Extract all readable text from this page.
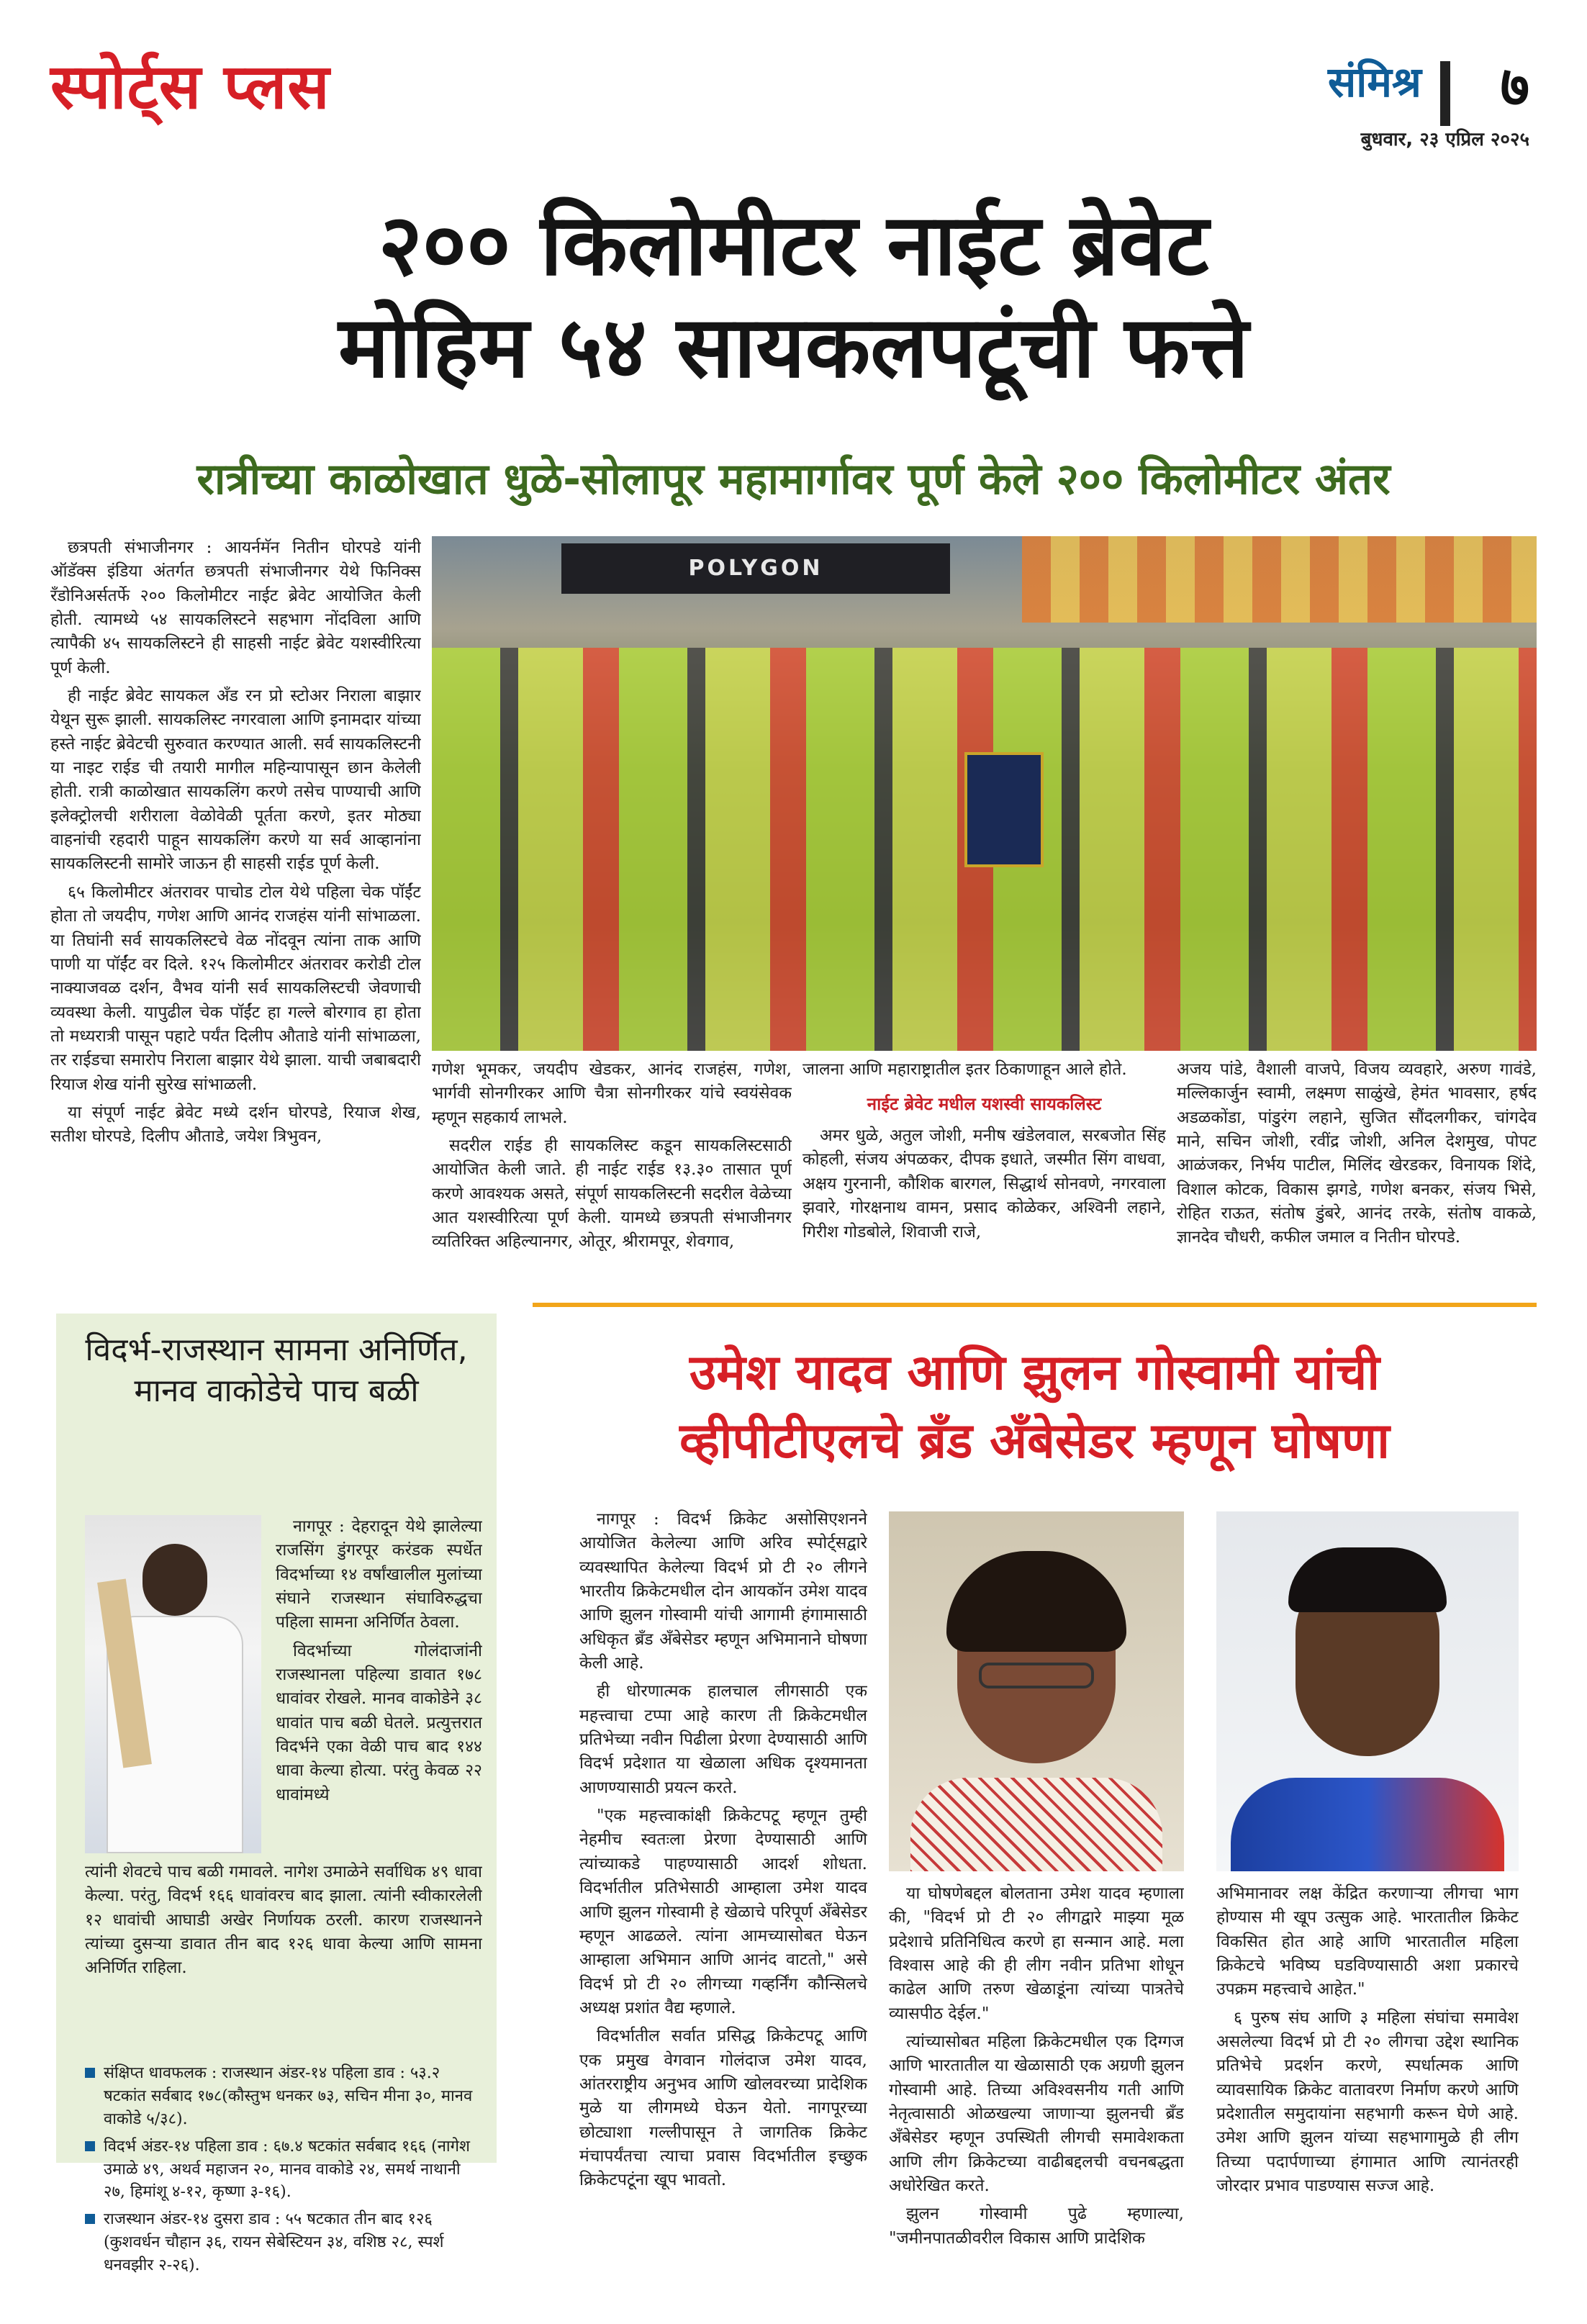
स्पोर्ट्स प्लस	संमिश्र ७
बुधवार, २३ एप्रिल २०२५
२०० किलोमीटर नाईट ब्रेवेट
मोहिम ५४ सायकलपटूंची फत्ते
रात्रीच्या काळोखात धुळे-सोलापूर महामार्गावर पूर्ण केले २०० किलोमीटर अंतर

छत्रपती संभाजीनगर : आयर्नमॅन नितीन घोरपडे यांनी ऑडॅक्स इंडिया अंतर्गत छत्रपती संभाजीनगर येथे फिनिक्स रॅंडोनिअर्सतर्फे २०० किलोमीटर नाईट ब्रेवेट आयोजित केली होती. त्यामध्ये ५४ सायकलिस्टने सहभाग नोंदविला आणि त्यापैकी ४५ सायकलिस्टने ही साहसी नाईट ब्रेवेट यशस्वीरित्या पूर्ण केली.

ही नाईट ब्रेवेट सायकल अँड रन प्रो स्टोअर निराला बाझार येथून सुरू झाली. सायकलिस्ट नगरवाला आणि इनामदार यांच्या हस्ते नाईट ब्रेवेटची सुरुवात करण्यात आली. सर्व सायकलिस्टनी या नाइट राईड ची तयारी मागील महिन्यापासून छान केलेली होती. रात्री काळोखात सायकलिंग करणे तसेच पाण्याची आणि इलेक्ट्रोलची शरीराला वेळोवेळी पूर्तता करणे, इतर मोठ्या वाहनांची रहदारी पाहून सायकलिंग करणे या सर्व आव्हानांना सायकलिस्टनी सामोरे जाऊन ही साहसी राईड पूर्ण केली.

६५ किलोमीटर अंतरावर पाचोड टोल येथे पहिला चेक पॉईंट होता तो जयदीप, गणेश आणि आनंद राजहंस यांनी सांभाळला. या तिघांनी सर्व सायकलिस्टचे वेळ नोंदवून त्यांना ताक आणि पाणी या पॉईंट वर दिले. १२५ किलोमीटर अंतरावर करोडी टोल नाक्याजवळ दर्शन, वैभव यांनी सर्व सायकलिस्टची जेवणाची व्यवस्था केली. यापुढील चेक पॉईंट हा गल्ले बोरगाव हा होता तो मध्यरात्री पासून पहाटे पर्यंत दिलीप औताडे यांनी सांभाळला, तर राईडचा समारोप निराला बाझार येथे झाला. याची जबाबदारी रियाज शेख यांनी सुरेख सांभाळली.

या संपूर्ण नाईट ब्रेवेट मध्ये दर्शन घोरपडे, रियाज शेख, सतीश घोरपडे, दिलीप औताडे, जयेश त्रिभुवन,

POLYGON

गणेश भूमकर, जयदीप खेडकर, आनंद राजहंस, गणेश, भार्गवी सोनगीरकर आणि चैत्रा सोनगीरकर यांचे स्वयंसेवक म्हणून सहकार्य लाभले.

सदरील राईड ही सायकलिस्ट कडून सायकलिस्टसाठी आयोजित केली जाते. ही नाईट राईड १३.३० तासात पूर्ण करणे आवश्यक असते, संपूर्ण सायकलिस्टनी सदरील वेळेच्या आत यशस्वीरित्या पूर्ण केली. यामध्ये छत्रपती संभाजीनगर व्यतिरिक्त अहिल्यानगर, ओतूर, श्रीरामपूर, शेवगाव,

जालना आणि महाराष्ट्रातील इतर ठिकाणाहून आले होते.

नाईट ब्रेवेट मधील यशस्वी सायकलिस्ट

अमर धुळे, अतुल जोशी, मनीष खंडेलवाल, सरबजोत सिंह कोहली, संजय अंपळकर, दीपक इधाते, जस्मीत सिंग वाधवा, अक्षय गुरनानी, कौशिक बारगल, सिद्धार्थ सोनवणे, नगरवाला झवारे, गोरक्षनाथ वामन, प्रसाद कोळेकर, अश्विनी लहाने, गिरीश गोडबोले, शिवाजी राजे,

अजय पांडे, वैशाली वाजपे, विजय व्यवहारे, अरुण गावंडे, मल्लिकार्जुन स्वामी, लक्ष्मण साळुंखे, हेमंत भावसार, हर्षद अडळकोंडा, पांडुरंग लहाने, सुजित सौंदलगीकर, चांगदेव माने, सचिन जोशी, रवींद्र जोशी, अनिल देशमुख, पोपट आळंजकर, निर्भय पाटील, मिलिंद खेरडकर, विनायक शिंदे, विशाल कोटक, विकास झगडे, गणेश बनकर, संजय भिसे, रोहित राऊत, संतोष डुंबरे, आनंद तरके, संतोष वाकळे, ज्ञानदेव चौधरी, कफील जमाल व नितीन घोरपडे.

विदर्भ-राजस्थान सामना अनिर्णित, मानव वाकोडेचे पाच बळी

नागपूर : देहरादून येथे झालेल्या राजसिंग डुंगरपूर करंडक स्पर्धेत विदर्भाच्या १४ वर्षांखालील मुलांच्या संघाने राजस्थान संघाविरुद्धचा पहिला सामना अनिर्णित ठेवला.

विदर्भाच्या गोलंदाजांनी राजस्थानला पहिल्या डावात १७८ धावांवर रोखले. मानव वाकोडेने ३८ धावांत पाच बळी घेतले. प्रत्युत्तरात विदर्भने एका वेळी पाच बाद १४४ धावा केल्या होत्या. परंतु केवळ २२ धावांमध्ये

त्यांनी शेवटचे पाच बळी गमावले. नागेश उमाळेने सर्वाधिक ४९ धावा केल्या. परंतु, विदर्भ १६६ धावांवरच बाद झाला. त्यांनी स्वीकारलेली १२ धावांची आघाडी अखेर निर्णायक ठरली. कारण राजस्थानने त्यांच्या दुसऱ्या डावात तीन बाद १२६ धावा केल्या आणि सामना अनिर्णित राहिला.

संक्षिप्त धावफलक : राजस्थान अंडर-१४ पहिला डाव : ५३.२ षटकांत सर्वबाद १७८(कौस्तुभ धनकर ७३, सचिन मीना ३०, मानव वाकोडे ५/३८).
विदर्भ अंडर-१४ पहिला डाव : ६७.४ षटकांत सर्वबाद १६६ (नागेश उमाळे ४९, अथर्व महाजन २०, मानव वाकोडे २४, समर्थ नाथानी २७, हिमांशू ४-१२, कृष्णा ३-१६).
राजस्थान अंडर-१४ दुसरा डाव : ५५ षटकात तीन बाद १२६ (कुशवर्धन चौहान ३६, रायन सेबेस्टियन ३४, वशिष्ठ २८, स्पर्श धनवझीर २-२६).
उमेश यादव आणि झुलन गोस्वामी यांची
व्हीपीटीएलचे ब्रँड अँबेसेडर म्हणून घोषणा

नागपूर : विदर्भ क्रिकेट असोसिएशनने आयोजित केलेल्या आणि अरिव स्पोर्ट्सद्वारे व्यवस्थापित केलेल्या विदर्भ प्रो टी २० लीगने भारतीय क्रिकेटमधील दोन आयकॉन उमेश यादव आणि झुलन गोस्वामी यांची आगामी हंगामासाठी अधिकृत ब्रँड अँबेसेडर म्हणून अभिमानाने घोषणा केली आहे.

ही धोरणात्मक हालचाल लीगसाठी एक महत्त्वाचा टप्पा आहे कारण ती क्रिकेटमधील प्रतिभेच्या नवीन पिढीला प्रेरणा देण्यासाठी आणि विदर्भ प्रदेशात या खेळाला अधिक दृश्यमानता आणण्यासाठी प्रयत्न करते.

"एक महत्त्वाकांक्षी क्रिकेटपटू म्हणून तुम्ही नेहमीच स्वतःला प्रेरणा देण्यासाठी आणि त्यांच्याकडे पाहण्यासाठी आदर्श शोधता. विदर्भातील प्रतिभेसाठी आम्हाला उमेश यादव आणि झुलन गोस्वामी हे खेळाचे परिपूर्ण अँबेसेडर म्हणून आढळले. त्यांना आमच्यासोबत घेऊन आम्हाला अभिमान आणि आनंद वाटतो," असे विदर्भ प्रो टी २० लीगच्या गव्हर्निंग कौन्सिलचे अध्यक्ष प्रशांत वैद्य म्हणाले.

विदर्भातील सर्वात प्रसिद्ध क्रिकेटपटू आणि एक प्रमुख वेगवान गोलंदाज उमेश यादव, आंतरराष्ट्रीय अनुभव आणि खोलवरच्या प्रादेशिक मुळे या लीगमध्ये घेऊन येतो. नागपूरच्या छोट्याशा गल्लीपासून ते जागतिक क्रिकेट मंचापर्यंतचा त्याचा प्रवास विदर्भातील इच्छुक क्रिकेटपटूंना खूप भावतो.

या घोषणेबद्दल बोलताना उमेश यादव म्हणाला की, "विदर्भ प्रो टी २० लीगद्वारे माझ्या मूळ प्रदेशाचे प्रतिनिधित्व करणे हा सन्मान आहे. मला विश्वास आहे की ही लीग नवीन प्रतिभा शोधून काढेल आणि तरुण खेळाडूंना त्यांच्या पात्रतेचे व्यासपीठ देईल."

त्यांच्यासोबत महिला क्रिकेटमधील एक दिग्गज आणि भारतातील या खेळासाठी एक अग्रणी झुलन गोस्वामी आहे. तिच्या अविश्वसनीय गती आणि नेतृत्वासाठी ओळखल्या जाणाऱ्या झुलनची ब्रँड अँबेसेडर म्हणून उपस्थिती लीगची समावेशकता आणि लीग क्रिकेटच्या वाढीबद्दलची वचनबद्धता अधोरेखित करते.

झुलन गोस्वामी पुढे म्हणाल्या, "जमीनपातळीवरील विकास आणि प्रादेशिक

अभिमानावर लक्ष केंद्रित करणाऱ्या लीगचा भाग होण्यास मी खूप उत्सुक आहे. भारतातील क्रिकेट विकसित होत आहे आणि भारतातील महिला क्रिकेटचे भविष्य घडविण्यासाठी अशा प्रकारचे उपक्रम महत्त्वाचे आहेत."

६ पुरुष संघ आणि ३ महिला संघांचा समावेश असलेल्या विदर्भ प्रो टी २० लीगचा उद्देश स्थानिक प्रतिभेचे प्रदर्शन करणे, स्पर्धात्मक आणि व्यावसायिक क्रिकेट वातावरण निर्माण करणे आणि प्रदेशातील समुदायांना सहभागी करून घेणे आहे. उमेश आणि झुलन यांच्या सहभागामुळे ही लीग तिच्या पदार्पणाच्या हंगामात आणि त्यानंतरही जोरदार प्रभाव पाडण्यास सज्ज आहे.
